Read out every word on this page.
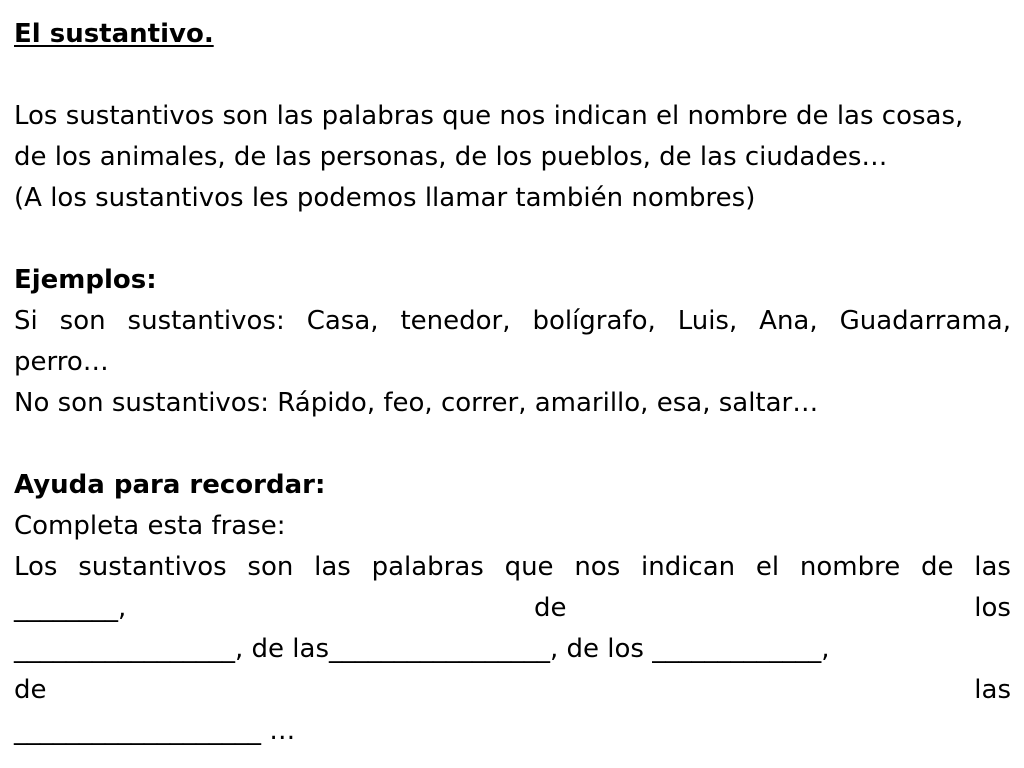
El sustantivo.
Los sustantivos son las palabras que nos indican el nombre de las cosas,
de los animales, de las personas, de los pueblos, de las ciudades…
(A los sustantivos les podemos llamar también nombres)
Ejemplos:
Si son sustantivos: Casa, tenedor, bolígrafo, Luis, Ana, Guadarrama,
perro…
No son sustantivos: Rápido, feo, correr, amarillo, esa, saltar…
Ayuda para recordar:
Completa esta frase:
Los sustantivos son las palabras que nos indican el nombre de las
________,	de	los
_________________, de las_________________, de los _____________,
de	las
___________________ …
